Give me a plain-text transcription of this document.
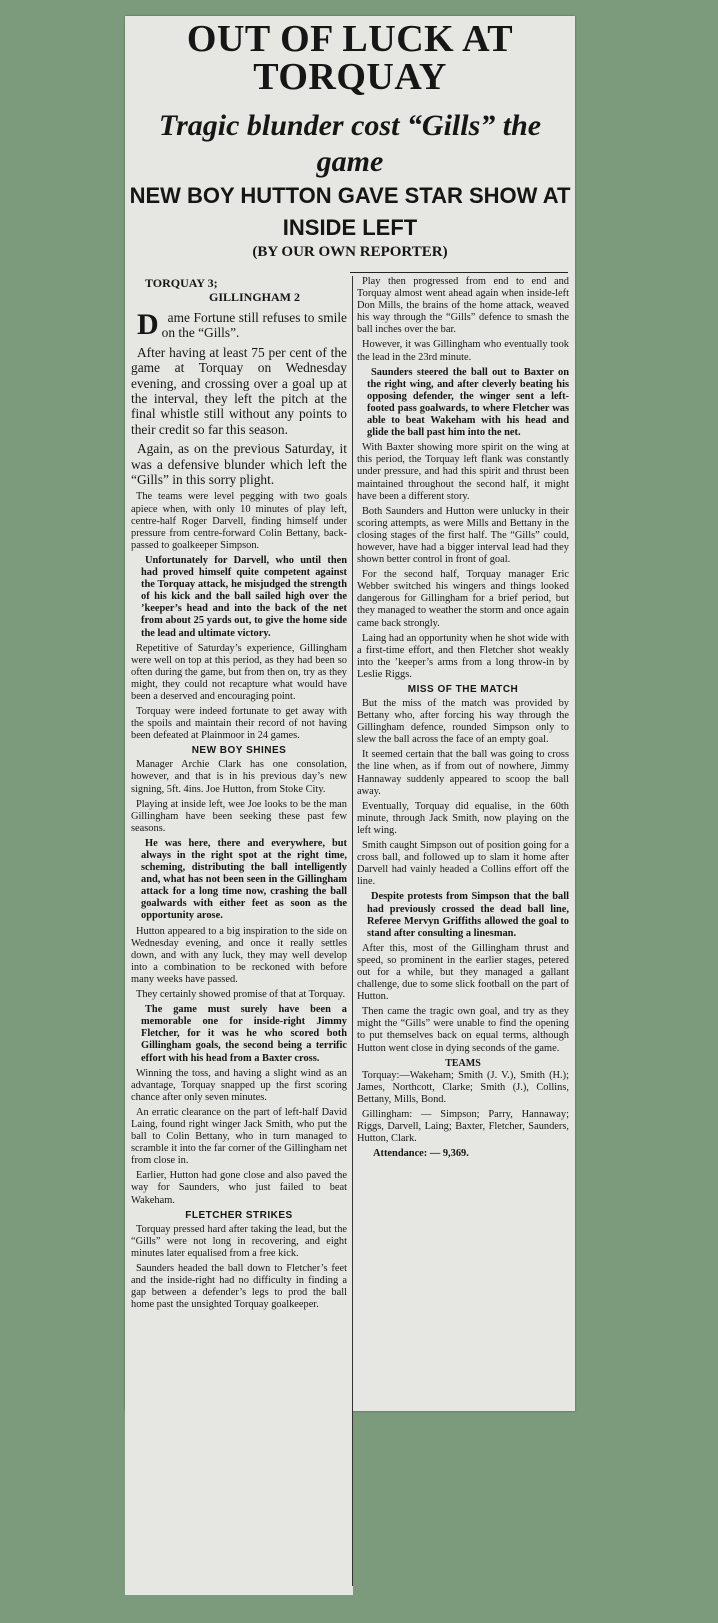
OUT OF LUCK AT TORQUAY
Tragic blunder cost “Gills” the game
NEW BOY HUTTON GAVE STAR SHOW AT INSIDE LEFT
(BY OUR OWN REPORTER)
TORQUAY 3;
GILLINGHAM 2

Dame Fortune still refuses to smile on the “Gills”.

After having at least 75 per cent of the game at Torquay on Wednesday evening, and crossing over a goal up at the interval, they left the pitch at the final whistle still without any points to their credit so far this season.

Again, as on the previous Saturday, it was a defensive blunder which left the “Gills” in this sorry plight.

The teams were level pegging with two goals apiece when, with only 10 minutes of play left, centre-half Roger Darvell, finding himself under pressure from centre-forward Colin Bettany, back-passed to goalkeeper Simpson.

Unfortunately for Darvell, who until then had proved himself quite competent against the Torquay attack, he misjudged the strength of his kick and the ball sailed high over the ’keeper’s head and into the back of the net from about 25 yards out, to give the home side the lead and ultimate victory.

Repetitive of Saturday’s experience, Gillingham were well on top at this period, as they had been so often during the game, but from then on, try as they might, they could not recapture what would have been a deserved and encouraging point.

Torquay were indeed fortunate to get away with the spoils and maintain their record of not having been defeated at Plainmoor in 24 games.

NEW BOY SHINES

Manager Archie Clark has one consolation, however, and that is in his previous day’s new signing, 5ft. 4ins. Joe Hutton, from Stoke City.

Playing at inside left, wee Joe looks to be the man Gillingham have been seeking these past few seasons.

He was here, there and everywhere, but always in the right spot at the right time, scheming, distributing the ball intelligently and, what has not been seen in the Gillingham attack for a long time now, crashing the ball goalwards with either feet as soon as the opportunity arose.

Hutton appeared to a big inspiration to the side on Wednesday evening, and once it really settles down, and with any luck, they may well develop into a combination to be reckoned with before many weeks have passed.

They certainly showed promise of that at Torquay.

The game must surely have been a memorable one for inside-right Jimmy Fletcher, for it was he who scored both Gillingham goals, the second being a terrific effort with his head from a Baxter cross.

Winning the toss, and having a slight wind as an advantage, Torquay snapped up the first scoring chance after only seven minutes.

An erratic clearance on the part of left-half David Laing, found right winger Jack Smith, who put the ball to Colin Bettany, who in turn managed to scramble it into the far corner of the Gillingham net from close in.

Earlier, Hutton had gone close and also paved the way for Saunders, who just failed to beat Wakeham.

FLETCHER STRIKES

Torquay pressed hard after taking the lead, but the “Gills” were not long in recovering, and eight minutes later equalised from a free kick.

Saunders headed the ball down to Fletcher’s feet and the inside-right had no difficulty in finding a gap between a defender’s legs to prod the ball home past the unsighted Torquay goalkeeper.

Play then progressed from end to end and Torquay almost went ahead again when inside-left Don Mills, the brains of the home attack, weaved his way through the “Gills” defence to smash the ball inches over the bar.

However, it was Gillingham who eventually took the lead in the 23rd minute.

Saunders steered the ball out to Baxter on the right wing, and after cleverly beating his opposing defender, the winger sent a left-footed pass goalwards, to where Fletcher was able to beat Wakeham with his head and glide the ball past him into the net.

With Baxter showing more spirit on the wing at this period, the Torquay left flank was constantly under pressure, and had this spirit and thrust been maintained throughout the second half, it might have been a different story.

Both Saunders and Hutton were unlucky in their scoring attempts, as were Mills and Bettany in the closing stages of the first half. The “Gills” could, however, have had a bigger interval lead had they shown better control in front of goal.

For the second half, Torquay manager Eric Webber switched his wingers and things looked dangerous for Gillingham for a brief period, but they managed to weather the storm and once again came back strongly.

Laing had an opportunity when he shot wide with a first-time effort, and then Fletcher shot weakly into the ’keeper’s arms from a long throw-in by Leslie Riggs.

MISS OF THE MATCH

But the miss of the match was provided by Bettany who, after forcing his way through the Gillingham defence, rounded Simpson only to slew the ball across the face of an empty goal.

It seemed certain that the ball was going to cross the line when, as if from out of nowhere, Jimmy Hannaway suddenly appeared to scoop the ball away.

Eventually, Torquay did equalise, in the 60th minute, through Jack Smith, now playing on the left wing.

Smith caught Simpson out of position going for a cross ball, and followed up to slam it home after Darvell had vainly headed a Collins effort off the line.

Despite protests from Simpson that the ball had previously crossed the dead ball line, Referee Mervyn Griffiths allowed the goal to stand after consulting a linesman.

After this, most of the Gillingham thrust and speed, so prominent in the earlier stages, petered out for a while, but they managed a gallant challenge, due to some slick football on the part of Hutton.

Then came the tragic own goal, and try as they might the “Gills” were unable to find the opening to put themselves back on equal terms, although Hutton went close in dying seconds of the game.

TEAMS

Torquay:—Wakeham; Smith (J. V.), Smith (H.); James, Northcott, Clarke; Smith (J.), Collins, Bettany, Mills, Bond.

Gillingham: — Simpson; Parry, Hannaway; Riggs, Darvell, Laing; Baxter, Fletcher, Saunders, Hutton, Clark.

Attendance: — 9,369.
